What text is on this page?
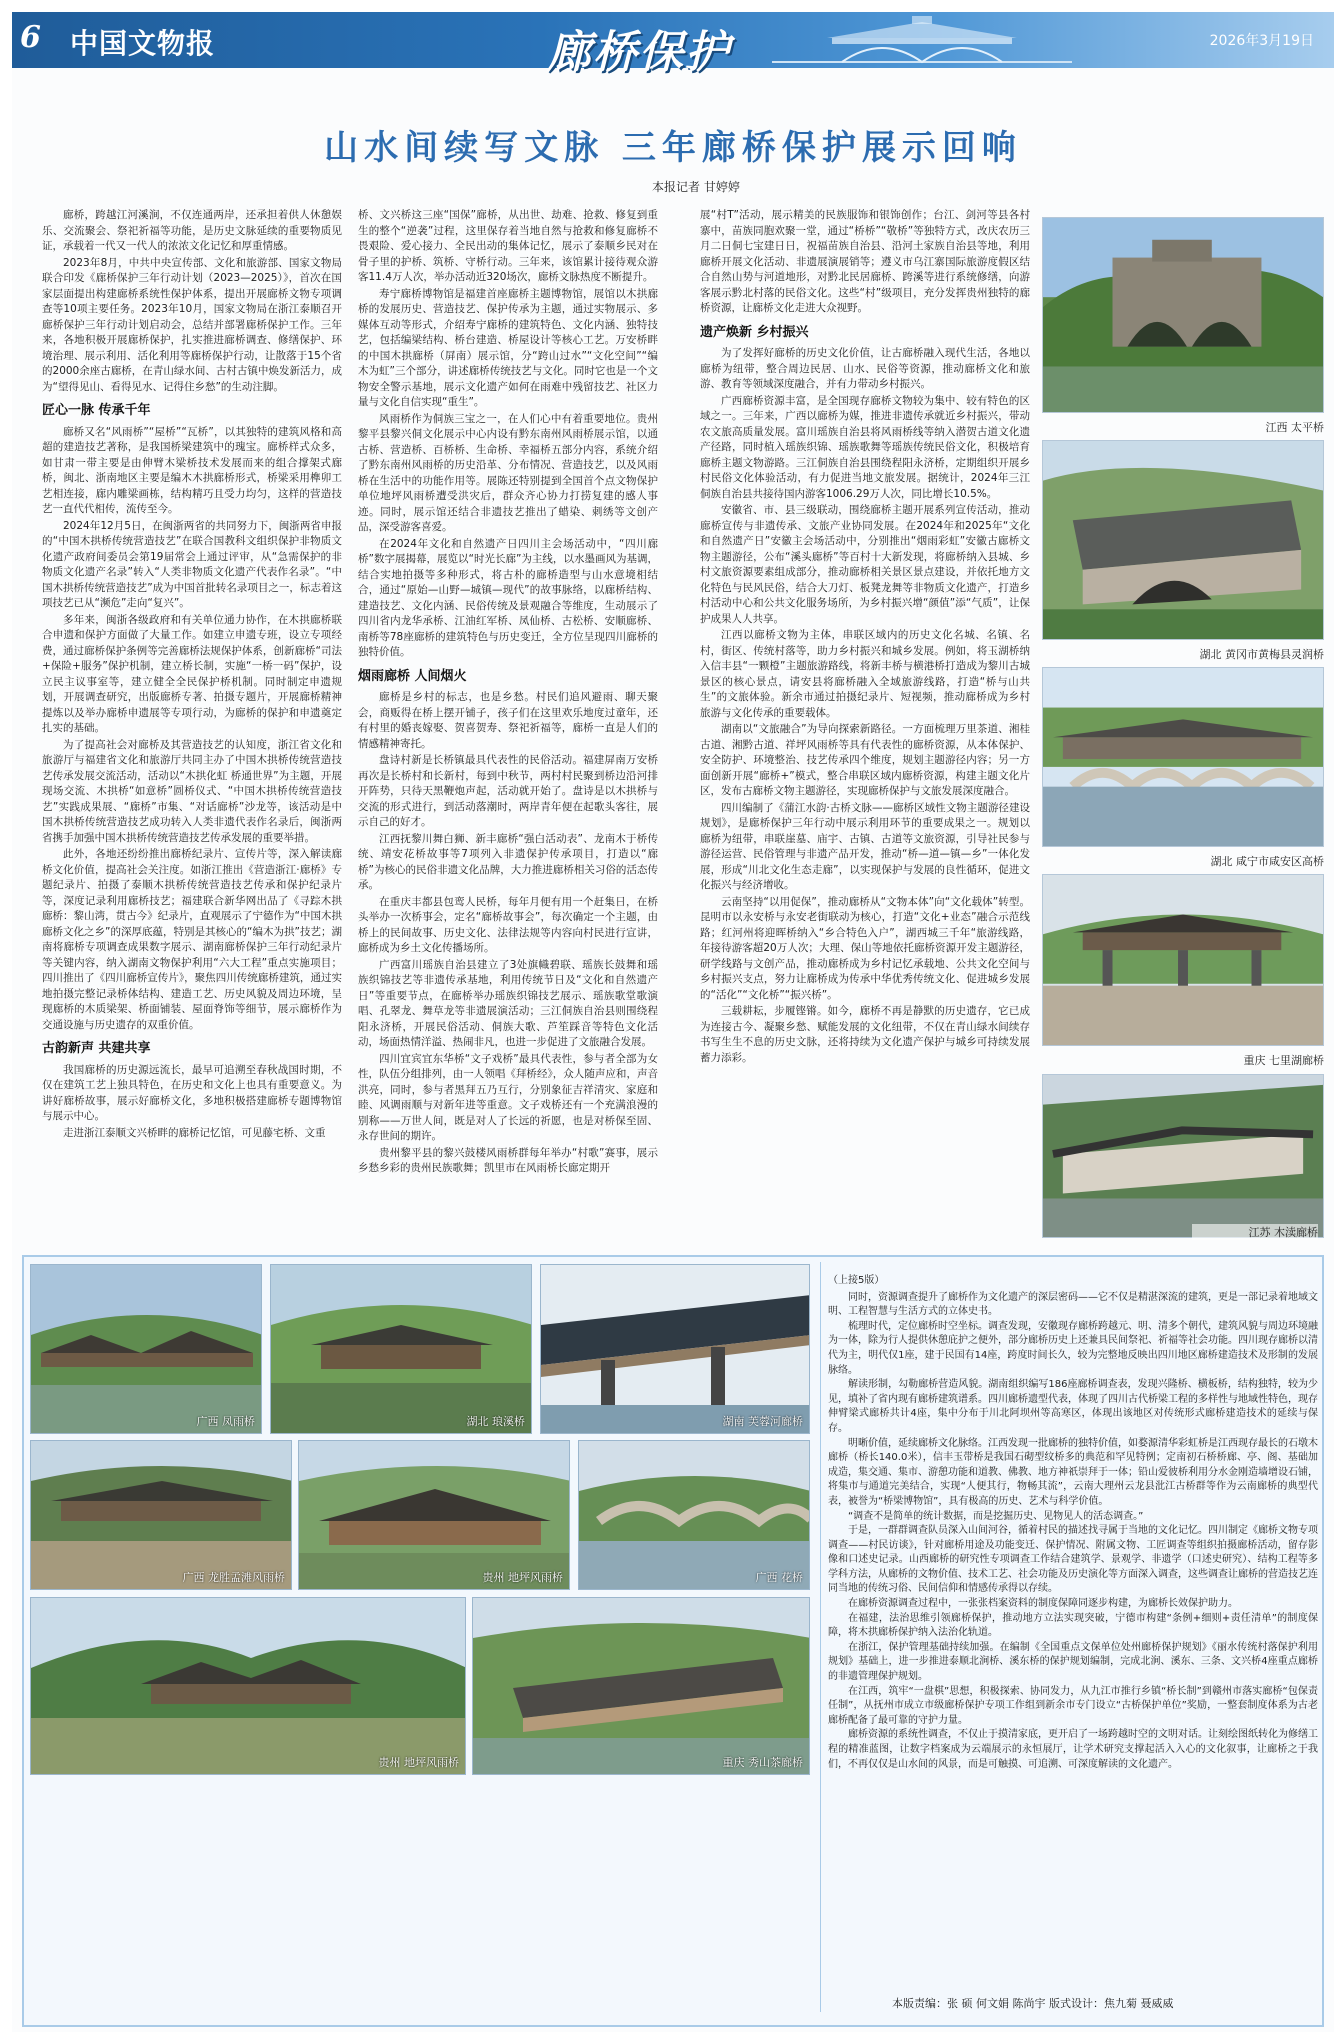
6	中国文物报	廊桥保护	2026年3月19日
山水间续写文脉 三年廊桥保护展示回响
本报记者 甘婷婷

廊桥，跨越江河溪涧，不仅连通两岸，还承担着供人休憩娱乐、交流聚会、祭祀祈福等功能，是历史文脉延续的重要物质见证，承载着一代又一代人的浓浓文化记忆和厚重情感。

2023年8月，中共中央宣传部、文化和旅游部、国家文物局联合印发《廊桥保护三年行动计划（2023—2025）》，首次在国家层面提出构建廊桥系统性保护体系，提出开展廊桥文物专项调查等10项主要任务。2023年10月，国家文物局在浙江泰顺召开廊桥保护三年行动计划启动会，总结并部署廊桥保护工作。三年来，各地积极开展廊桥保护，扎实推进廊桥调查、修缮保护、环境治理、展示利用、活化利用等廊桥保护行动，让散落于15个省的2000余座古廊桥，在青山绿水间、古村古镇中焕发新活力，成为“望得见山、看得见水、记得住乡愁”的生动注脚。

匠心一脉 传承千年

廊桥又名“风雨桥”“屋桥”“瓦桥”，以其独特的建筑风格和高超的建造技艺著称，是我国桥梁建筑中的瑰宝。廊桥样式众多，如甘肃一带主要是由伸臂木梁桥技术发展而来的组合撑架式廊桥，闽北、浙南地区主要是编木木拱廊桥形式，桥梁采用榫卯工艺相连接，廊内雕梁画栋，结构精巧且受力均匀，这样的营造技艺一直代代相传，流传至今。

2024年12月5日，在闽浙两省的共同努力下，闽浙两省申报的“中国木拱桥传统营造技艺”在联合国教科文组织保护非物质文化遗产政府间委员会第19届常会上通过评审，从“急需保护的非物质文化遗产名录”转入“人类非物质文化遗产代表作名录”。“中国木拱桥传统营造技艺”成为中国首批转名录项目之一，标志着这项技艺已从“濒危”走向“复兴”。

多年来，闽浙各级政府和有关单位通力协作，在木拱廊桥联合申遗和保护方面做了大量工作。如建立申遗专班，设立专项经费，通过廊桥保护条例等完善廊桥法规保护体系，创新廊桥“司法+保险+服务”保护机制，建立桥长制，实施“一桥一码”保护，设立民主议事室等，建立健全全民保护桥机制。同时制定申遗规划，开展调查研究，出版廊桥专著、拍摄专题片，开展廊桥精神提炼以及举办廊桥申遗展等专项行动，为廊桥的保护和申遗奠定扎实的基础。

为了提高社会对廊桥及其营造技艺的认知度，浙江省文化和旅游厅与福建省文化和旅游厅共同主办了中国木拱桥传统营造技艺传承发展交流活动，活动以“木拱化虹 桥通世界”为主题，开展现场交流、木拱桥“如意桥”圆桥仪式、“中国木拱桥传统营造技艺”实践成果展、“廊桥”市集、“对话廊桥”沙龙等，该活动是中国木拱桥传统营造技艺成功转入人类非遗代表作名录后，闽浙两省携手加强中国木拱桥传统营造技艺传承发展的重要举措。

此外，各地还纷纷推出廊桥纪录片、宣传片等，深入解读廊桥文化价值，提高社会关注度。如浙江推出《营造浙江·廊桥》专题纪录片、拍摄了泰顺木拱桥传统营造技艺传承和保护纪录片等，深度记录利用廊桥技艺；福建联合新华网出品了《寻踪木拱廊桥：黎山湾，贯古今》纪录片，直观展示了宁德作为“中国木拱廊桥文化之乡”的深厚底蕴，特别是其核心的“编木为拱”技艺；湖南将廊桥专项调查成果数字展示、湖南廊桥保护三年行动纪录片等关键内容，纳入湖南文物保护利用“六大工程”重点实施项目；四川推出了《四川廊桥宣传片》，聚焦四川传统廊桥建筑，通过实地拍摄完整记录桥体结构、建造工艺、历史风貌及周边环境，呈现廊桥的木质梁架、桥面铺装、屋面脊饰等细节，展示廊桥作为交通设施与历史遗存的双重价值。

古韵新声 共建共享

我国廊桥的历史源远流长，最早可追溯至春秋战国时期，不仅在建筑工艺上独具特色，在历史和文化上也具有重要意义。为讲好廊桥故事，展示好廊桥文化，多地积极搭建廊桥专题博物馆与展示中心。

走进浙江泰顺文兴桥畔的廊桥记忆馆，可见藤宅桥、文重

桥、文兴桥这三座“国保”廊桥，从出世、劫难、抢救、修复到重生的整个“逆袭”过程，这里保存着当地自然与抢救和修复廊桥不畏艰险、爱心接力、全民出动的集体记忆，展示了泰顺乡民对在骨子里的护桥、筑桥、守桥行动。三年来，该馆累计接待观众游客11.4万人次，举办活动近320场次，廊桥文脉热度不断提升。

寿宁廊桥博物馆是福建首座廊桥主题博物馆，展馆以木拱廊桥的发展历史、营造技艺、保护传承为主题，通过实物展示、多媒体互动等形式，介绍寿宁廊桥的建筑特色、文化内涵、独特技艺，包括编梁结构、桥台建造、桥屋设计等核心工艺。万安桥畔的中国木拱廊桥（屏南）展示馆，分“跨山过水”“文化空间”“编木为虹”三个部分，讲述廊桥传统技艺与文化。同时它也是一个文物安全警示基地，展示文化遗产如何在雨难中残留技艺、社区力量与文化自信实现“重生”。

风雨桥作为侗族三宝之一，在人们心中有着重要地位。贵州黎平县黎兴侗文化展示中心内设有黔东南州风雨桥展示馆，以通古桥、营造桥、百桥桥、生命桥、幸福桥五部分内容，系统介绍了黔东南州风雨桥的历史沿革、分布情况、营造技艺，以及风雨桥在生活中的功能作用等。展陈还特别提到全国首个点文物保护单位地坪风雨桥遭受洪灾后，群众齐心协力打捞复建的感人事迹。同时，展示馆还结合非遗技艺推出了蜡染、刺绣等文创产品，深受游客喜爱。

在2024年文化和自然遗产日四川主会场活动中，“四川廊桥”数字展揭幕，展览以“时光长廊”为主线，以水墨画风为基调，结合实地拍摄等多种形式，将古朴的廊桥造型与山水意境相结合，通过“原始—山野—城镇—现代”的故事脉络，以廊桥结构、建造技艺、文化内涵、民俗传统及景观融合等维度，生动展示了四川省内龙华承桥、江油红军桥、凤仙桥、古松桥、安顺廊桥、南桥等78座廊桥的建筑特色与历史变迁，全方位呈现四川廊桥的独特价值。

烟雨廊桥 人间烟火

廊桥是乡村的标志，也是乡愁。村民们追风避雨、聊天聚会，商贩得在桥上摆开铺子，孩子们在这里欢乐地度过童年，还有村里的婚丧嫁娶、贺喜贺寿、祭祀祈福等，廊桥一直是人们的情感精神寄托。

盘诗村新是长桥镇最具代表性的民俗活动。福建屏南万安桥再次是长桥村和长新村，每到中秋节，两村村民聚到桥边沿河排开阵势，只待天黑鞭炮声起，活动就开始了。盘诗是以木拱桥与交流的形式进行，到活动落潮时，两岸青年便在起歌头客往，展示自己的好才。

江西抚黎川舞白狮、新丰廊桥“强白活动表”、龙南木于桥传统、靖安花桥故事等7项列入非遗保护传承项目，打造以“廊桥”为核心的民俗非遗文化品牌，大力推进廊桥相关习俗的活态传承。

在重庆丰都县包鸾人民桥，每年月便有用一个赶集日，在桥头举办一次桥事会，定名“廊桥故事会”，每次确定一个主题，由桥上的民间故事、历史文化、法律法规等内容向村民进行宣讲，廊桥成为乡土文化传播场所。

广西富川瑶族自治县建立了3处旗幟碧联、瑶族长鼓舞和瑶族织锦技艺等非遗传承基地，利用传统节日及“文化和自然遗产日”等重要节点，在廊桥举办瑶族织锦技艺展示、瑶族歌堂歌演唱、孔翠龙、舞草龙等非遗展演活动；三江侗族自治县则围绕程阳永济桥，开展民俗活动、侗族大歌、芦笙踩音等特色文化活动，场面热情洋溢、热闹非凡，也进一步促进了文旅融合发展。

四川宜宾宜东华桥“文子戏桥”最具代表性，参与者全部为女性，队伍分组排列，由一人领唱《拜桥经》，众人随声应和，声音洪亮，同时，参与者黑拜五乃互行，分别象征吉祥清灾、家庭和睦、风调雨顺与对新年进等重意。文子戏桥还有一个充满浪漫的别称——万世人间，既是对人了长远的祈愿，也是对桥保至固、永存世间的期许。

贵州黎平县的黎兴鼓楼风雨桥群每年举办“村歌”赛事，展示乡愁乡彩的贵州民族歌舞；凯里市在风雨桥长廊定期开

展“村T”活动，展示精美的民族服饰和银饰创作；台江、剑河等县各村寨中，苗族同胞欢聚一堂，通过“桥桥”“敬桥”等独特方式，改庆农历三月二日侗七宝建日日，祝福苗族自治县、沿河土家族自治县等地，利用廊桥开展文化活动、非遗展演展销等；遵义市乌江寨国际旅游度假区结合自然山势与河道地形，对黔北民居廊桥、跨溪等进行系统修缮，向游客展示黔北村落的民俗文化。这些“村”级项目，充分发挥贵州独特的廊桥资源，让廊桥文化走进大众视野。

遗产焕新 乡村振兴

为了发挥好廊桥的历史文化价值，让古廊桥融入现代生活，各地以廊桥为纽带，整合周边民居、山水、民俗等资源，推动廊桥文化和旅游、教育等领域深度融合，并有力带动乡村振兴。

广西廊桥资源丰富，是全国现存廊桥文物较为集中、较有特色的区域之一。三年来，广西以廊桥为媒，推进非遗传承就近乡村振兴，带动农文旅高质量发展。富川瑶族自治县将风雨桥线等纳入潜贺古道文化遗产径路，同时植入瑶族织锦、瑶族歌舞等瑶族传统民俗文化，积极培育廊桥主题文物游路。三江侗族自治县围绕程阳永济桥，定期组织开展乡村民俗文化体验活动，有力促进当地文旅发展。据统计，2024年三江侗族自治县共接待国内游客1006.29万人次，同比增长10.5%。

安徽省、市、县三级联动，围绕廊桥主题开展系列宣传活动，推动廊桥宣传与非遗传承、文旅产业协同发展。在2024年和2025年“文化和自然遗产日”安徽主会场活动中，分别推出“烟雨彩虹”安徽古廊桥文物主题游径，公布“溪头廊桥”等百村十大新发现，将廊桥纳入县城、乡村文旅资源要素组成部分，推动廊桥相关景区景点建设，并依托地方文化特色与民风民俗，结合大刀灯、板凳龙舞等非物质文化遗产，打造乡村活动中心和公共文化服务场所，为乡村振兴增“颜值”添“气质”，让保护成果人人共享。

江西以廊桥文物为主体，串联区域内的历史文化名城、名镇、名村，街区、传统村落等，助力乡村振兴和城乡发展。例如，将玉湖桥纳入信丰县“一颗橙”主题旅游路线，将新丰桥与横港桥打造成为黎川古城景区的核心景点，请安县将廊桥融入全域旅游线路，打造“桥与山共生”的文旅体验。新余市通过拍摄纪录片、短视频，推动廊桥成为乡村旅游与文化传承的重要载体。

湖南以“文旅融合”为导向探索新路径。一方面梳理万里茶道、湘桂古道、湘黔古道、祥坪风雨桥等具有代表性的廊桥资源，从本体保护、安全防护、环境整治、技艺传承四个维度，规划主题游径内容；另一方面创新开展“廊桥+”模式，整合串联区域内廊桥资源，构建主题文化片区，发布古廊桥文物主题游径，实现廊桥保护与文旅发展深度融合。

四川编制了《蒲江水韵·古桥文脉——廊桥区域性文物主题游径建设规划》，是廊桥保护三年行动中展示利用环节的重要成果之一。规划以廊桥为纽带，串联崖墓、庙宇、古镇、古道等文旅资源，引导社民参与游径运营、民俗管理与非遗产品开发，推动“桥—道—镇—乡”一体化发展，形成“川北文化生态走廊”，以实现保护与发展的良性循环，促进文化振兴与经济增收。

云南坚持“以用促保”，推动廊桥从“文物本体”向“文化载体”转型。昆明市以永安桥与永安老街联动为核心，打造“文化+业态”融合示范线路；红河州将迎晖桥纳入“乡合特色入户”，湖西城三千年“旅游线路，年接待游客超20万人次；大理、保山等地依托廊桥资源开发主题游径，研学线路与文创产品，推动廊桥成为乡村记忆承载地、公共文化空间与乡村振兴支点，努力让廊桥成为传承中华优秀传统文化、促进城乡发展的“活化”“文化桥”“振兴桥”。

三载耕耘，步履铿锵。如今，廊桥不再是静默的历史遗存，它已成为连接古今、凝聚乡愁、赋能发展的文化纽带，不仅在青山绿水间续存书写生生不息的历史文脉，还将持续为文化遗产保护与城乡可持续发展蓄力添彩。

江西 太平桥
湖北 黄冈市黄梅县灵润桥
湖北 咸宁市咸安区高桥
重庆 七里湖廊桥
江苏 木渎廊桥
广西 凤雨桥	湖北 琅溪桥	湖南 芙蓉河廊桥
广西 龙胜孟滩风雨桥	贵州 地坪风雨桥	广西 花桥
贵州 地坪风雨桥	重庆 秀山茶廊桥
（上接5版）

同时，资源调查提升了廊桥作为文化遗产的深层密码——它不仅是精湛深流的建筑，更是一部记录着地域文明、工程智慧与生活方式的立体史书。

梳理时代，定位廊桥时空坐标。调查发现，安徽现存廊桥跨越元、明、清多个朝代，建筑风貌与周边环境融为一体，除为行人提供休憩庇护之便外，部分廊桥历史上还兼具民间祭祀、祈福等社会功能。四川现存廊桥以清代为主，明代仅1座，建于民国有14座，跨度时间长久，较为完整地反映出四川地区廊桥建造技术及形制的发展脉络。

解读形制，勾勒廊桥营造风貌。湖南组织编写186座廊桥调查表，发现兴隆桥、横板桥，结构独特，较为少见，填补了省内现有廊桥建筑谱系。四川廊桥遗型代表，体现了四川古代桥梁工程的多样性与地域性特色，现存伸臂梁式廊桥共计4座，集中分布于川北阿坝州等高寒区，体现出该地区对传统形式廊桥建造技术的延续与保存。

明晰价值，延续廊桥文化脉络。江西发现一批廊桥的独特价值，如婺源清华彩虹桥是江西现存最长的石墩木廊桥（桥长140.0米），信丰玉带桥是我国石砌型纹桥多的典范和罕见特例；定南初石桥桥廊、亭、阁、基础加成造，集交通、集市、游憩功能和道教、佛教、地方神祇崇拜于一体；铅山爱彼桥利用分水金刚造墙增设石铺，将集市与通道完美结合，实现“人便其行，物畅其流”，云南大理州云龙县沘江古桥群等作为云南廊桥的典型代表，被誉为“桥梁博物馆”，具有极高的历史、艺术与科学价值。

“调查不是简单的统计数据，而是挖掘历史、见物见人的活态调查。”

于是，一群群调查队员深入山间河谷，循着村民的描述找寻属于当地的文化记忆。四川制定《廊桥文物专项调查——村民访谈》，针对廊桥用途及功能变迁、保护情况、附属文物、工匠调查等组织拍摄廊桥活动，留存影像和口述史记录。山西廊桥的研究性专项调查工作结合建筑学、景观学、非遗学（口述史研究）、结构工程等多学科方法，从廊桥的文物价值、技术工艺、社会功能及历史演化等方面深入调查，这些调查让廊桥的营造技艺连同当地的传统习俗、民间信仰和情感传承得以存续。

在廊桥资源调查过程中，一张张档案资料的制度保障同逐步构建，为廊桥长效保护助力。

在福建，法治思维引领廊桥保护，推动地方立法实现突破，宁德市构建“条例+细则+责任清单”的制度保障，将木拱廊桥保护纳入法治化轨道。

在浙江，保护管理基础持续加强。在编制《全国重点文保单位处州廊桥保护规划》《丽水传统村落保护利用规划》基础上，进一步推进泰顺北涧桥、溪东桥的保护规划编制，完成北涧、溪东、三条、文兴桥4座重点廊桥的非遗管理保护规划。

在江西，筑牢“一盘棋”思想，积极探索、协同发力，从九江市推行乡镇“桥长制”到赣州市落实廊桥“包保责任制”，从抚州市成立市级廊桥保护专项工作组到新余市专门设立“古桥保护单位”奖励，一整套制度体系为古老廊桥配备了最可靠的守护力量。

廊桥资源的系统性调查，不仅止于摸清家底，更开启了一场跨越时空的文明对话。让刻绘图纸转化为修缮工程的精准蓝图，让数字档案成为云端展示的永恒展厅，让学术研究支撑起活入入心的文化叙事，让廊桥之于我们，不再仅仅是山水间的风景，而是可触摸、可追溯、可深度解读的文化遗产。

本版责编：张 硕 何文娟 陈尚宇 版式设计：焦九菊 聂威威
